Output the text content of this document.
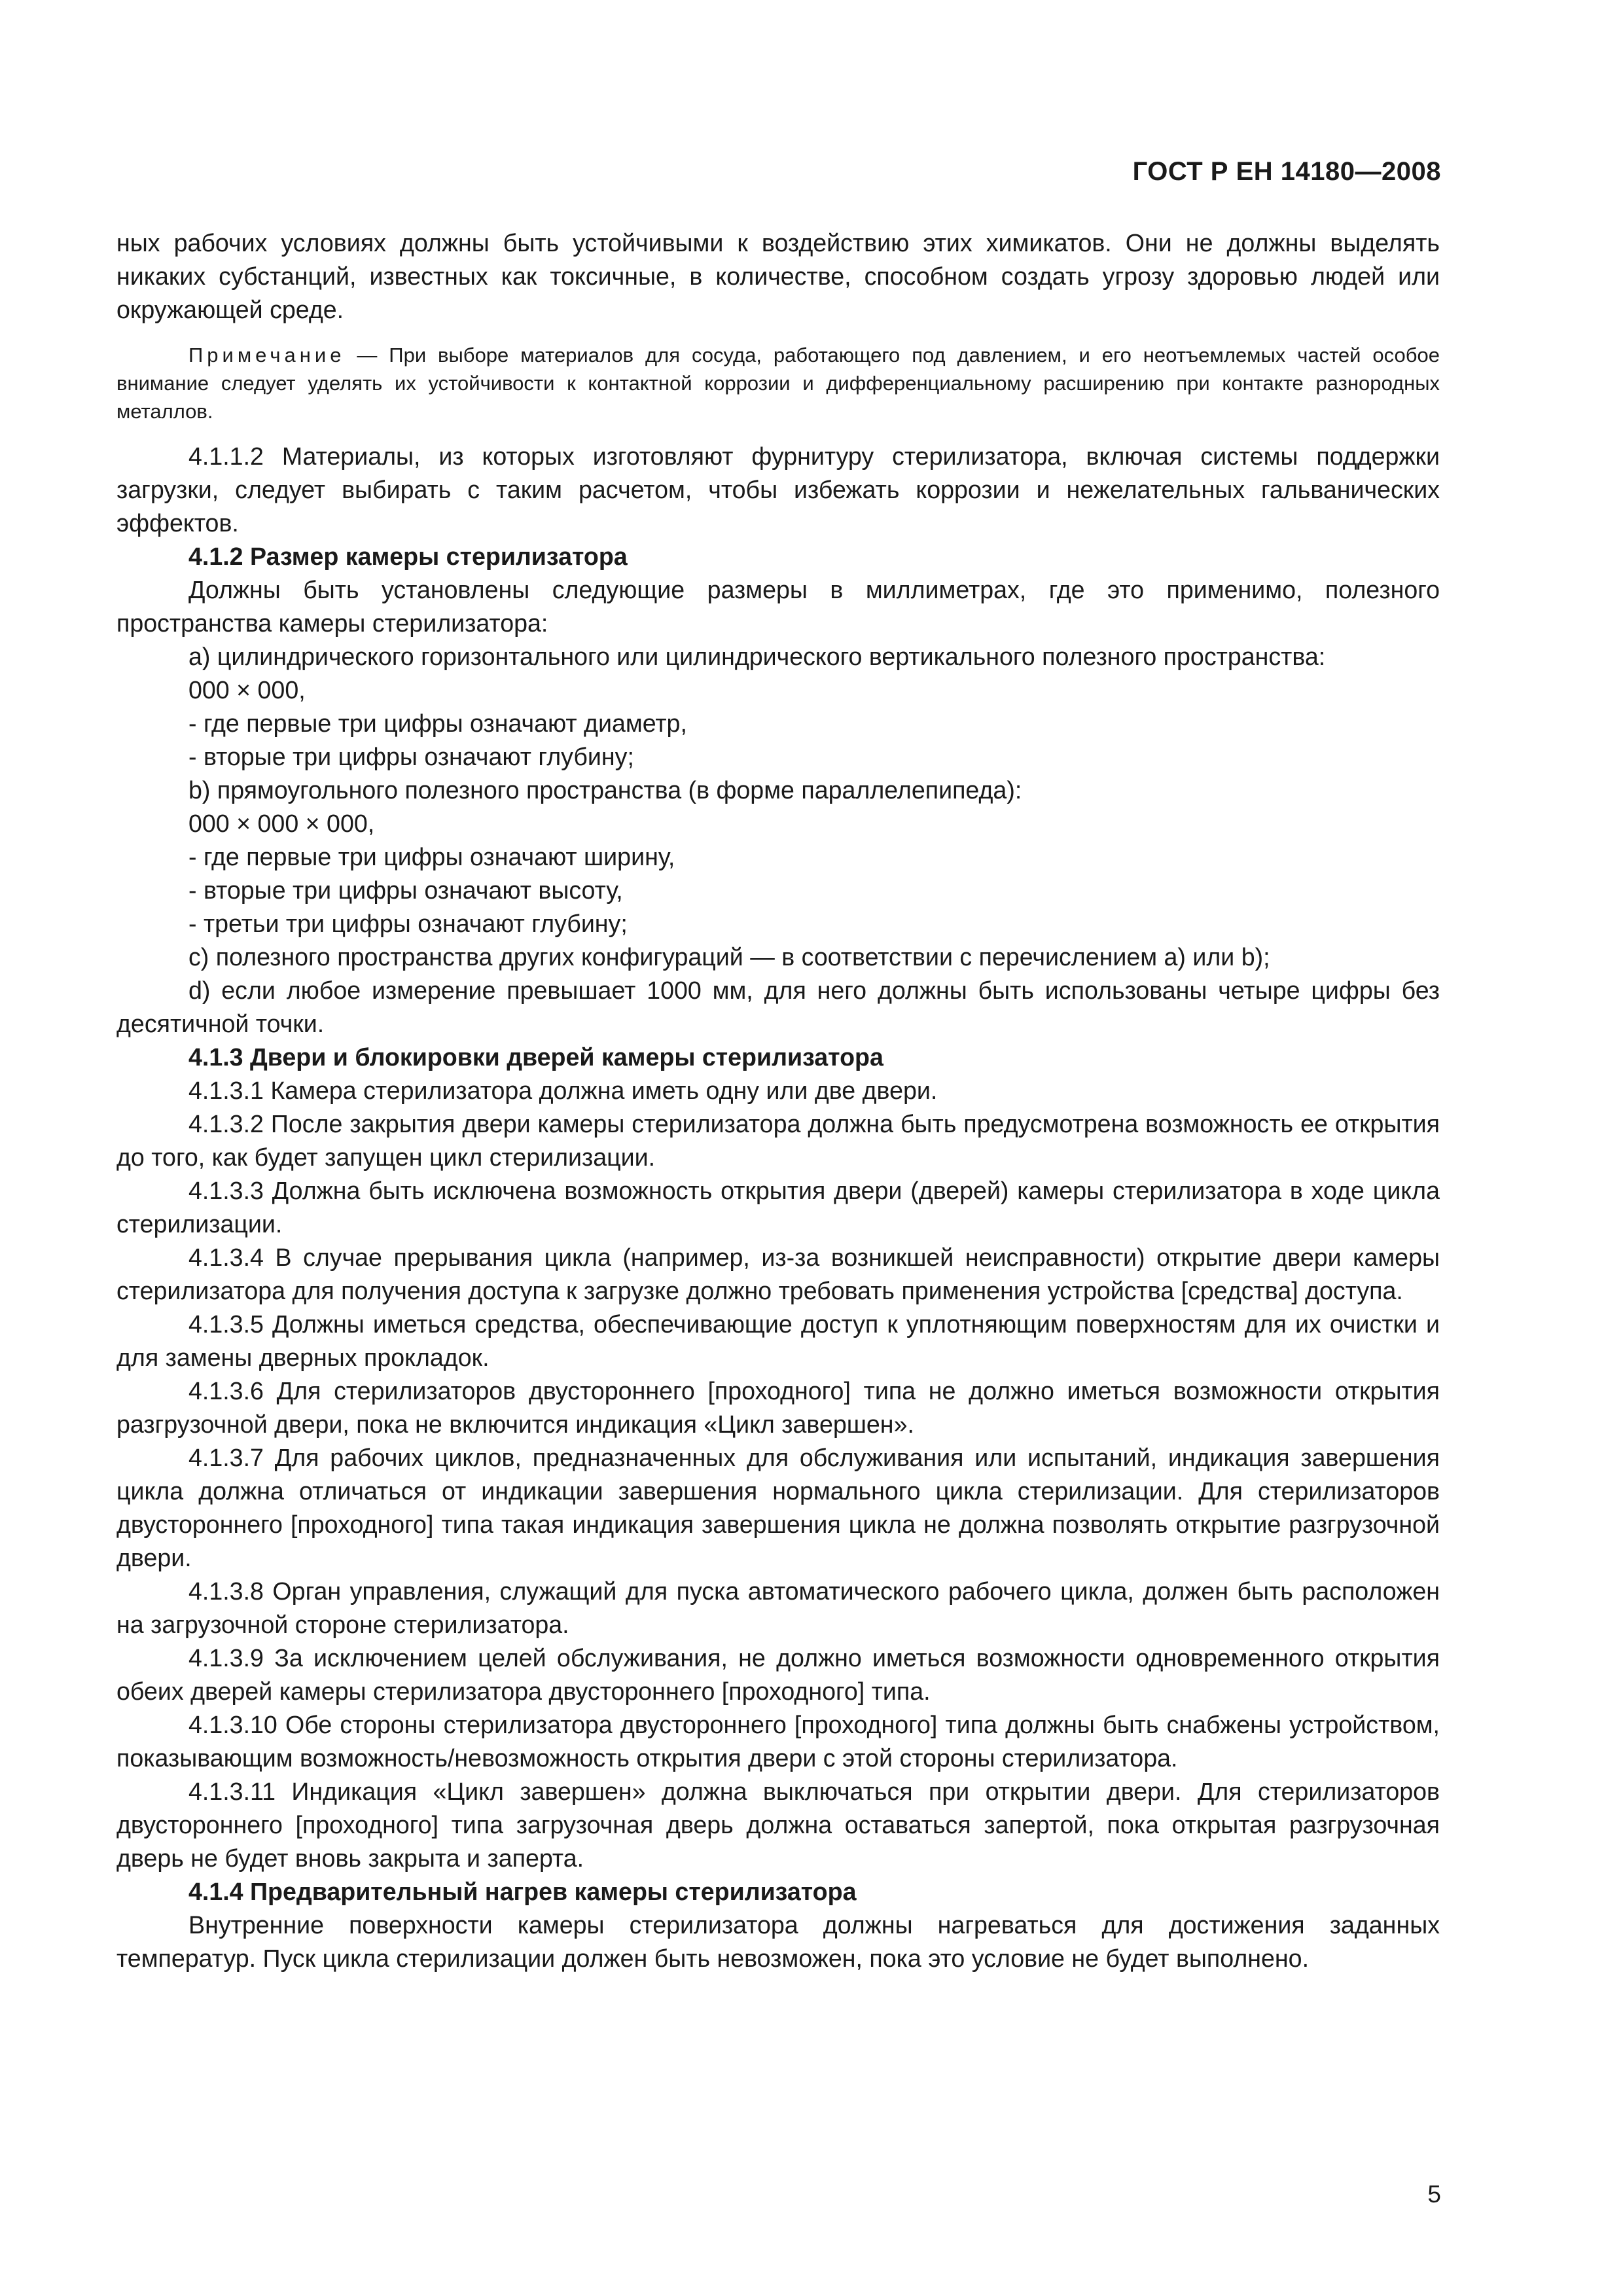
ГОСТ Р ЕН 14180—2008

ных рабочих условиях должны быть устойчивыми к воздействию этих химикатов. Они не должны выделять никаких субстанций, известных как токсичные, в количестве, способном создать угрозу здоровью людей или окружающей среде.

Примечание — При выборе материалов для сосуда, работающего под давлением, и его неотъемлемых частей особое внимание следует уделять их устойчивости к контактной коррозии и дифференциальному расширению при контакте разнородных металлов.

4.1.1.2 Материалы, из которых изготовляют фурнитуру стерилизатора, включая системы поддержки загрузки, следует выбирать с таким расчетом, чтобы избежать коррозии и нежелательных гальванических эффектов.

4.1.2 Размер камеры стерилизатора

Должны быть установлены следующие размеры в миллиметрах, где это применимо, полезного пространства камеры стерилизатора:

a) цилиндрического горизонтального или цилиндрического вертикального полезного пространства:

000 × 000,

- где первые три цифры означают диаметр,

- вторые три цифры означают глубину;

b) прямоугольного полезного пространства (в форме параллелепипеда):

000 × 000 × 000,

- где первые три цифры означают ширину,

- вторые три цифры означают высоту,

- третьи три цифры означают глубину;

c) полезного пространства других конфигураций — в соответствии с перечислением a) или b);

d) если любое измерение превышает 1000 мм, для него должны быть использованы четыре цифры без десятичной точки.

4.1.3 Двери и блокировки дверей камеры стерилизатора

4.1.3.1 Камера стерилизатора должна иметь одну или две двери.

4.1.3.2 После закрытия двери камеры стерилизатора должна быть предусмотрена возможность ее открытия до того, как будет запущен цикл стерилизации.

4.1.3.3 Должна быть исключена возможность открытия двери (дверей) камеры стерилизатора в ходе цикла стерилизации.

4.1.3.4 В случае прерывания цикла (например, из-за возникшей неисправности) открытие двери камеры стерилизатора для получения доступа к загрузке должно требовать применения устройства [средства] доступа.

4.1.3.5 Должны иметься средства, обеспечивающие доступ к уплотняющим поверхностям для их очистки и для замены дверных прокладок.

4.1.3.6 Для стерилизаторов двустороннего [проходного] типа не должно иметься возможности открытия разгрузочной двери, пока не включится индикация «Цикл завершен».

4.1.3.7 Для рабочих циклов, предназначенных для обслуживания или испытаний, индикация завершения цикла должна отличаться от индикации завершения нормального цикла стерилизации. Для стерилизаторов двустороннего [проходного] типа такая индикация завершения цикла не должна позволять открытие разгрузочной двери.

4.1.3.8 Орган управления, служащий для пуска автоматического рабочего цикла, должен быть расположен на загрузочной стороне стерилизатора.

4.1.3.9 За исключением целей обслуживания, не должно иметься возможности одновременного открытия обеих дверей камеры стерилизатора двустороннего [проходного] типа.

4.1.3.10 Обе стороны стерилизатора двустороннего [проходного] типа должны быть снабжены устройством, показывающим возможность/невозможность открытия двери с этой стороны стерилизатора.

4.1.3.11 Индикация «Цикл завершен» должна выключаться при открытии двери. Для стерилизаторов двустороннего [проходного] типа загрузочная дверь должна оставаться запертой, пока открытая разгрузочная дверь не будет вновь закрыта и заперта.

4.1.4 Предварительный нагрев камеры стерилизатора

Внутренние поверхности камеры стерилизатора должны нагреваться для достижения заданных температур. Пуск цикла стерилизации должен быть невозможен, пока это условие не будет выполнено.

5
